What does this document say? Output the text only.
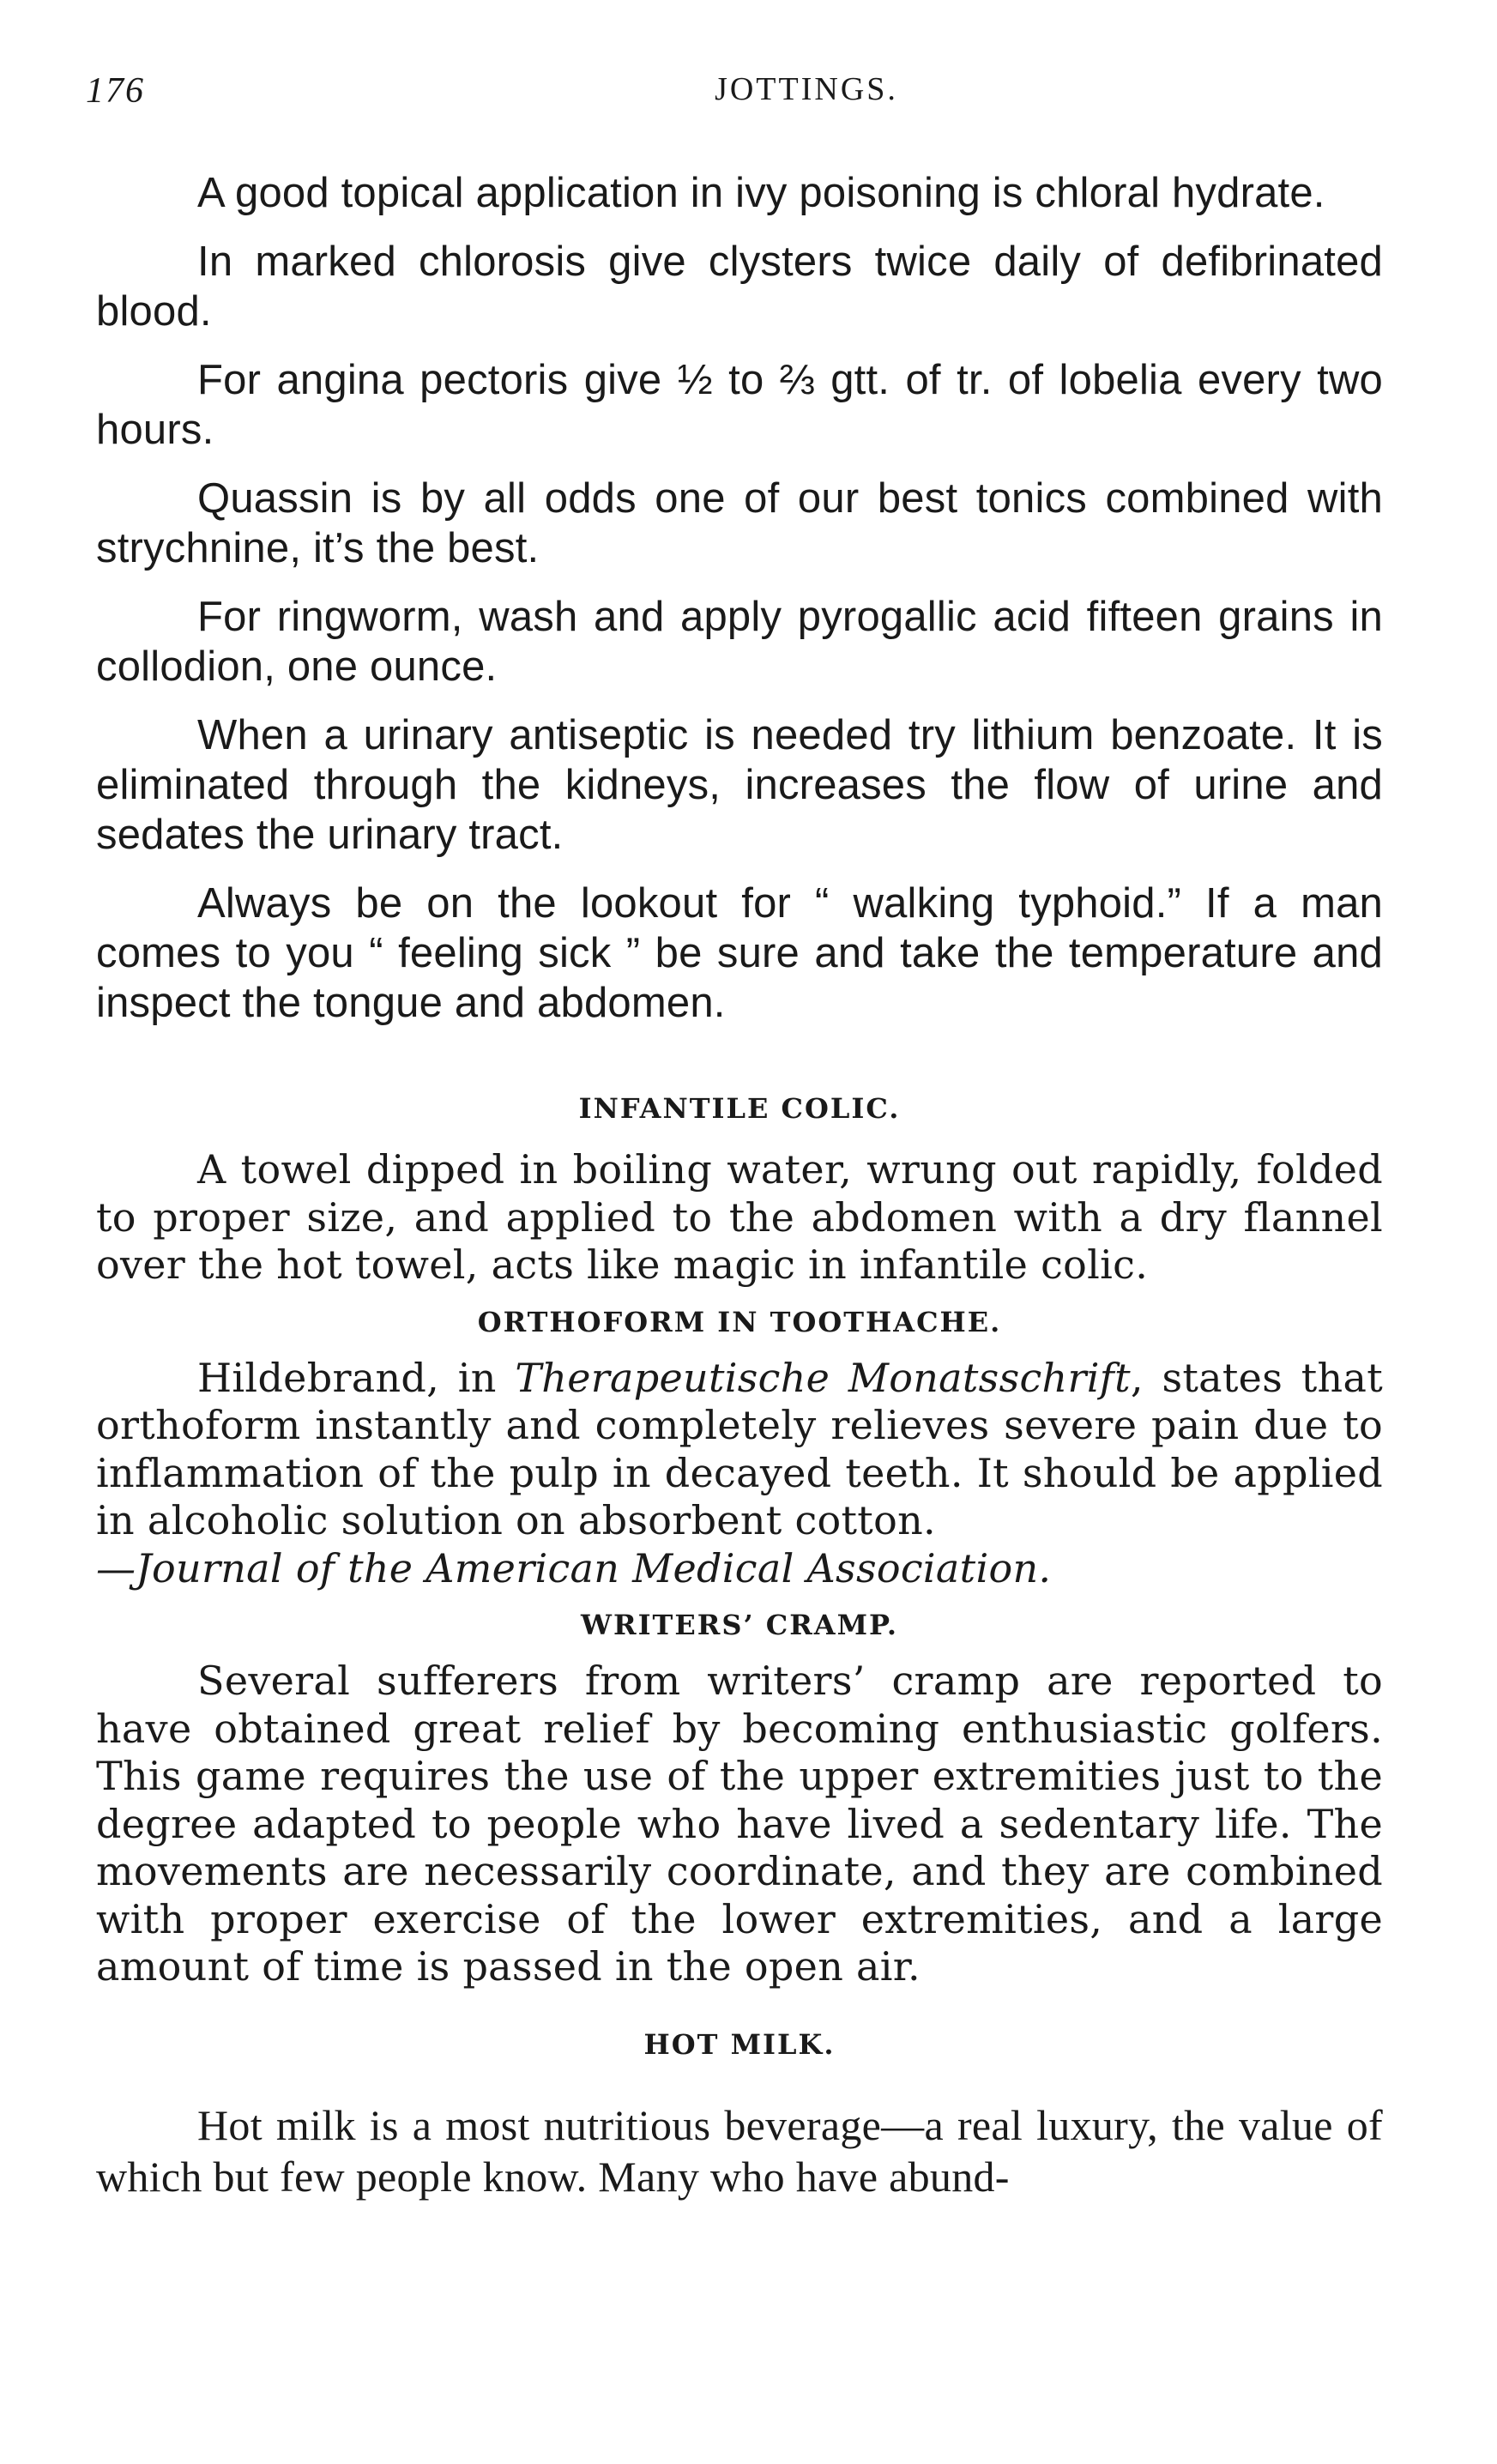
176	JOTTINGS.

A good topical application in ivy poisoning is chloral hydrate.

In marked chlorosis give clysters twice daily of defibrinated blood.

For angina pectoris give ½ to ⅔ gtt. of tr. of lobelia every two hours.

Quassin is by all odds one of our best tonics combined with strychnine, it’s the best.

For ringworm, wash and apply pyrogallic acid fifteen grains in collodion, one ounce.

When a urinary antiseptic is needed try lithium benzoate. It is eliminated through the kidneys, increases the flow of urine and sedates the urinary tract.

Always be on the lookout for “ walking typhoid.” If a man comes to you “ feeling sick ” be sure and take the temperature and inspect the tongue and abdomen.

INFANTILE COLIC.

A towel dipped in boiling water, wrung out rapidly, folded to proper size, and applied to the abdomen with a dry flannel over the hot towel, acts like magic in infantile colic.

ORTHOFORM IN TOOTHACHE.

Hildebrand, in Therapeutische Monatsschrift, states that orthoform instantly and completely relieves severe pain due to inflammation of the pulp in decayed teeth. It should be applied in alcoholic solution on absorbent cotton.
—Journal of the American Medical Association.

WRITERS’ CRAMP.

Several sufferers from writers’ cramp are reported to have obtained great relief by becoming enthusiastic golfers. This game requires the use of the upper extremities just to the degree adapted to people who have lived a sedentary life. The movements are necessarily coordinate, and they are combined with proper exercise of the lower extremities, and a large amount of time is passed in the open air.

HOT MILK.

Hot milk is a most nutritious beverage—a real luxury, the value of which but few people know. Many who have abund-
